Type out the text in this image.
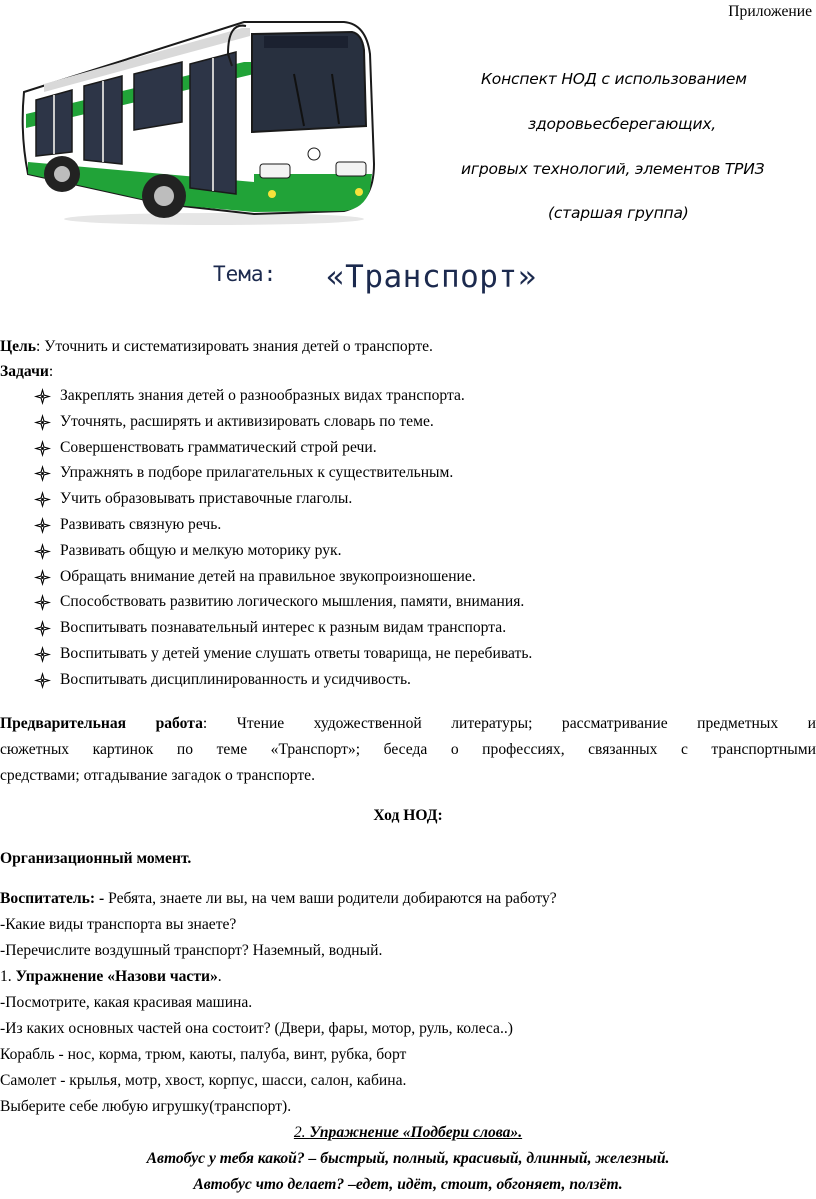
Приложение
Конспект НОД с использованием
здоровьесберегающих,
игровых технологий, элементов ТРИЗ
(старшая группа)
Тема: «Транспорт»
Цель: Уточнить и систематизировать знания детей о транспорте.
Задачи:
Закреплять знания детей о разнообразных видах транспорта.
Уточнять, расширять и активизировать словарь по теме.
Совершенствовать грамматический строй речи.
Упражнять в подборе прилагательных к существительным.
Учить образовывать приставочные глаголы.
Развивать связную речь.
Развивать общую и мелкую моторику рук.
Обращать внимание детей на правильное звукопроизношение.
Способствовать развитию логического мышления, памяти, внимания.
Воспитывать познавательный интерес к разным видам транспорта.
Воспитывать у детей умение слушать ответы товарища, не перебивать.
Воспитывать дисциплинированность и усидчивость.
Предварительная работа: Чтение художественной литературы; рассматривание предметных и
сюжетных картинок по теме «Транспорт»; беседа о профессиях, связанных с транспортными
средствами; отгадывание загадок о транспорте.
Ход НОД:
Организационный момент.
Воспитатель: - Ребята, знаете ли вы, на чем ваши родители добираются на работу?
-Какие виды транспорта вы знаете?
-Перечислите воздушный транспорт? Наземный, водный.
1. Упражнение «Назови части».
-Посмотрите, какая красивая машина.
-Из каких основных частей она состоит? (Двери, фары, мотор, руль, колеса..)
Корабль - нос, корма, трюм, каюты, палуба, винт, рубка, борт
Самолет - крылья, мотр, хвост, корпус, шасси, салон, кабина.
Выберите себе любую игрушку(транспорт).
2. Упражнение «Подбери слова».
Автобус у тебя какой? – быстрый, полный, красивый, длинный, железный.
Автобус что делает? –едет, идёт, стоит, обгоняет, ползёт.
